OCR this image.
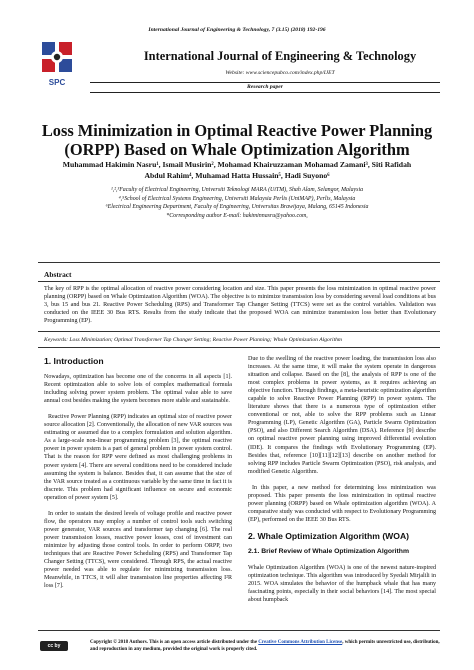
International Journal of Engineering & Technology, 7 (3.15) (2018) 192-196
SPC
International Journal of Engineering & Technology
Website: www.sciencepubco.com/index.php/IJET
Research paper
Loss Minimization in Optimal Reactive Power Planning
(ORPP) Based on Whale Optimization Algorithm
Muhammad Hakimin Nasru¹, Ismail Musirin², Mohamad Khairuzzaman Mohamad Zamani³, Siti Rafidah
Abdul Rahim⁴, Muhamad Hatta Hussain⁵, Hadi Suyono⁶
¹,²,³Faculty of Electrical Engineering, Universiti Teknologi MARA (UiTM), Shah Alam, Selangor, Malaysia
⁴,⁵School of Electrical Systems Engineering, Universiti Malaysia Perlis (UniMAP), Perlis, Malaysia
⁶Electrical Engineering Department, Faculty of Engineering, Universitas Brawijaya, Malang, 65145 Indonesia
*Corresponding author E-mail: hakiminnasru@yahoo.com,
Abstract
The key of RPP is the optimal allocation of reactive power considering location and size. This paper presents the loss minimization in optimal reactive power planning (ORPP) based on Whale Optimization Algorithm (WOA). The objective is to minimize transmission loss by considering several load conditions at bus 3, bus 15 and bus 21. Reactive Power Scheduling (RPS) and Transformer Tap Changer Setting (TTCS) were set as the control variables. Validation was conducted on the IEEE 30 Bus RTS. Results from the study indicate that the proposed WOA can minimize transmission loss better than Evolutionary Programming (EP).
Keywords: Loss Minimization; Optimal Transformer Tap Changer Setting; Reactive Power Planning; Whale Optimization Algorithm

1. Introduction

Nowadays, optimization has become one of the concerns in all aspects [1]. Recent optimization able to solve lots of complex mathematical formula including solving power system problem. The optimal value able to save annual cost besides making the system becomes more stable and sustainable.

Reactive Power Planning (RPP) indicates an optimal size of reactive power source allocation [2]. Conventionally, the allocation of new VAR sources was estimating or assumed due to a complex formulation and solution algorithm. As a large-scale non-linear programming problem [3], the optimal reactive power in power system is a part of general problem in power system control. That is the reason for RPP were defined as most challenging problems in power system [4]. There are several conditions need to be considered include assuming the system is balance. Besides that, it can assume that the size of the VAR source treated as a continuous variable by the same time in fact it is discrete. This problem had significant influence on secure and economic operation of power system [5].

In order to sustain the desired levels of voltage profile and reactive power flow, the operators may employ a number of control tools such switching power generator, VAR sources and transformer tap changing [6]. The real power transmission losses, reactive power losses, cost of investment can minimize by adjusting those control tools. In order to perform ORPP, two techniques that are Reactive Power Scheduling (RPS) and Transformer Tap Changer Setting (TTCS), were considered. Through RPS, the actual reactive power needed was able to regulate for minimizing transmission loss. Meanwhile, in TTCS, it will alter transmission line properties affecting I²R loss [7].

Due to the swelling of the reactive power loading, the transmission loss also increases. At the same time, it will make the system operate in dangerous situation and collapse. Based on the [8], the analysis of RPP is one of the most complex problems in power systems, as it requires achieving an objective function. Through findings, a meta-heuristic optimization algorithm capable to solve Reactive Power Planning (RPP) in power system. The literature shows that there is a numerous type of optimization either conventional or not, able to solve the RPP problems such as Linear Programming (LP), Genetic Algorithm (GA), Particle Swarm Optimization (PSO), and also Different Search Algorithm (DSA). Reference [9] describe on optimal reactive power planning using improved differential evolution (IDE). It compares the findings with Evolutionary Programming (EP). Besides that, reference [10][11][12][13] describe on another method for solving RPP includes Particle Swarm Optimization (PSO), risk analysis, and modified Genetic Algorithm.

In this paper, a new method for determining loss minimization was proposed. This paper presents the loss minimization in optimal reactive power planning (ORPP) based on Whale optimization algorithm (WOA). A comparative study was conducted with respect to Evolutionary Programming (EP), performed on the IEEE 30 Bus RTS.

2. Whale Optimization Algorithm (WOA)

2.1. Brief Review of Whale Optimization Algorithm

Whale Optimization Algorithm (WOA) is one of the newest nature-inspired optimization technique. This algorithm was introduced by Syedali Mirjalili in 2015. WOA simulates the behavior of the humpback whale that has many fascinating points, especially in their social behaviors [14]. The most special about humpback

cc by
Copyright © 2018 Authors. This is an open access article distributed under the Creative Commons Attribution License, which permits unrestricted use, distribution, and reproduction in any medium, provided the original work is properly cited.
